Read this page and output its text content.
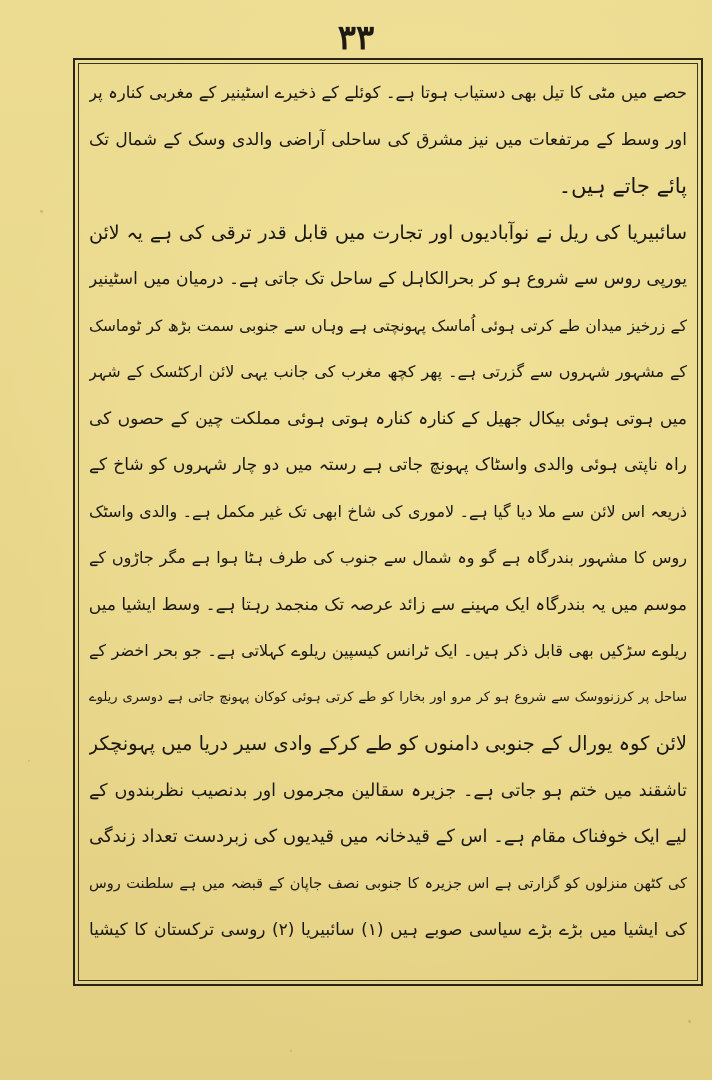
۳۳
حصے میں مٹی کا تیل بھی دستیاب ہوتا ہے۔ کوئلے کے ذخیرے اسٹینیر کے مغربی کنارہ پر
اور وسط کے مرتفعات میں نیز مشرق کی ساحلی آراضی والدی وسک کے شمال تک
پائے جاتے ہیں۔
سائبیریا کی ریل نے نوآبادیوں اور تجارت میں قابل قدر ترقی کی ہے یہ لائن
یورپی روس سے شروع ہو کر بحرالکاہل کے ساحل تک جاتی ہے۔ درمیان میں اسٹینیر
کے زرخیز میدان طے کرتی ہوئی اُماسک پہونچتی ہے وہاں سے جنوبی سمت بڑھ کر ٹوماسک
کے مشہور شہروں سے گزرتی ہے۔ پھر کچھ مغرب کی جانب یہی لائن ارکٹسک کے شہر
میں ہوتی ہوئی بیکال جھیل کے کنارہ کنارہ ہوتی ہوئی مملکت چین کے حصوں کی
راہ ناپتی ہوئی والدی واسٹاک پہونچ جاتی ہے رستہ میں دو چار شہروں کو شاخ کے
ذریعہ اس لائن سے ملا دیا گیا ہے۔ لاموری کی شاخ ابھی تک غیر مکمل ہے۔ والدی واسٹک
روس کا مشہور بندرگاہ ہے گو وہ شمال سے جنوب کی طرف ہٹا ہوا ہے مگر جاڑوں کے
موسم میں یہ بندرگاہ ایک مہینے سے زائد عرصہ تک منجمد رہتا ہے۔ وسط ایشیا میں
ریلوے سڑکیں بھی قابل ذکر ہیں۔ ایک ٹرانس کیسپین ریلوے کہلاتی ہے۔ جو بحر اخضر کے
ساحل پر کرزنووسک سے شروع ہو کر مرو اور بخارا کو طے کرتی ہوئی کوکان پہونچ جاتی ہے دوسری ریلوے
لائن کوہ یورال کے جنوبی دامنوں کو طے کرکے وادی سیر دریا میں پہونچکر
تاشقند میں ختم ہو جاتی ہے۔ جزیرہ سقالین مجرموں اور بدنصیب نظربندوں کے
لیے ایک خوفناک مقام ہے۔ اس کے قیدخانہ میں قیدیوں کی زبردست تعداد زندگی
کی کٹھن منزلوں کو گزارتی ہے اس جزیرہ کا جنوبی نصف جاپان کے قبضہ میں ہے سلطنت روس
کی ایشیا میں بڑے بڑے سیاسی صوبے ہیں (۱) سائبیریا (۲) روسی ترکستان کا کیشیا
